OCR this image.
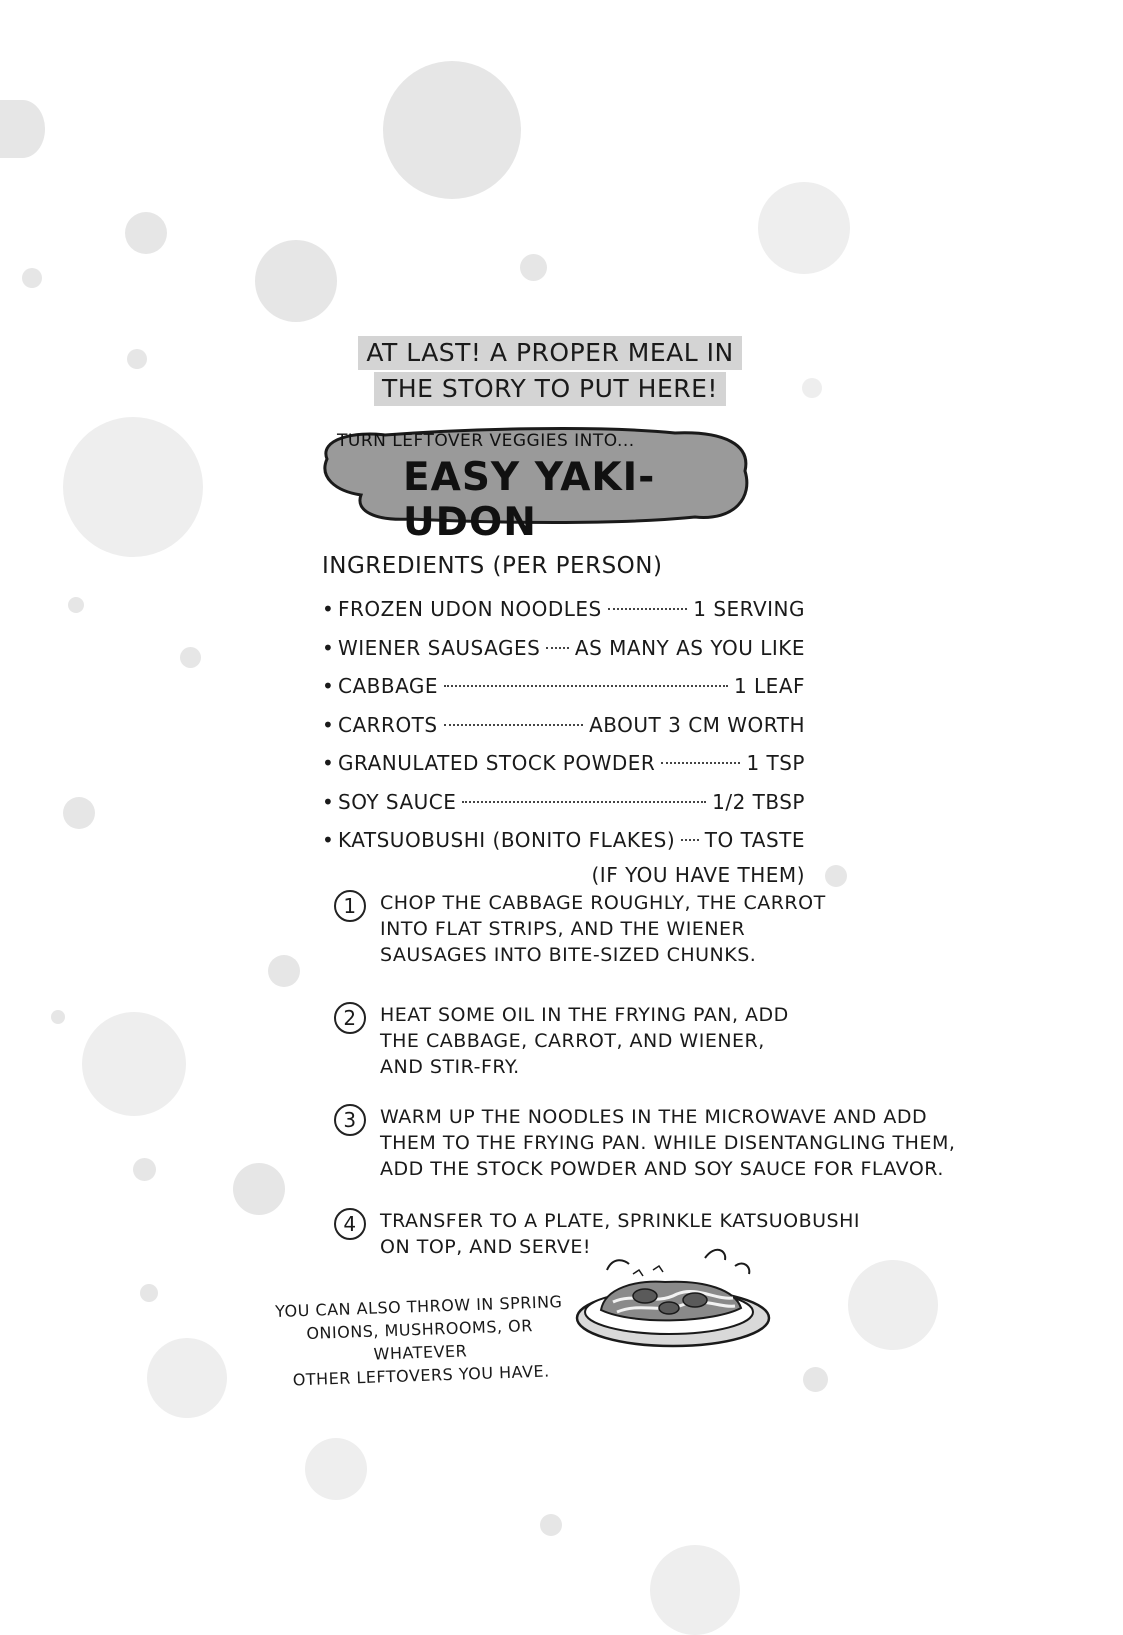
AT LAST! A PROPER MEAL IN
THE STORY TO PUT HERE!
TURN LEFTOVER VEGGIES INTO...
EASY YAKI-UDON
INGREDIENTS (PER PERSON)
• FROZEN UDON NOODLES	1 SERVING
• WIENER SAUSAGES AS MANY AS YOU LIKE
• CABBAGE	1 LEAF
• CARROTS	ABOUT 3 CM WORTH
• GRANULATED STOCK POWDER	1 TSP
• SOY SAUCE	1/2 TBSP
• KATSUOBUSHI (BONITO FLAKES) TO TASTE
(IF YOU HAVE THEM)
1	CHOP THE CABBAGE ROUGHLY, THE CARROT
INTO FLAT STRIPS, AND THE WIENER
SAUSAGES INTO BITE-SIZED CHUNKS.
2	HEAT SOME OIL IN THE FRYING PAN, ADD
THE CABBAGE, CARROT, AND WIENER,
AND STIR-FRY.
3	WARM UP THE NOODLES IN THE MICROWAVE AND ADD
THEM TO THE FRYING PAN. WHILE DISENTANGLING THEM,
ADD THE STOCK POWDER AND SOY SAUCE FOR FLAVOR.
4	TRANSFER TO A PLATE, SPRINKLE KATSUOBUSHI
ON TOP, AND SERVE!
YOU CAN ALSO THROW IN SPRING
ONIONS, MUSHROOMS, OR WHATEVER
OTHER LEFTOVERS YOU HAVE.
